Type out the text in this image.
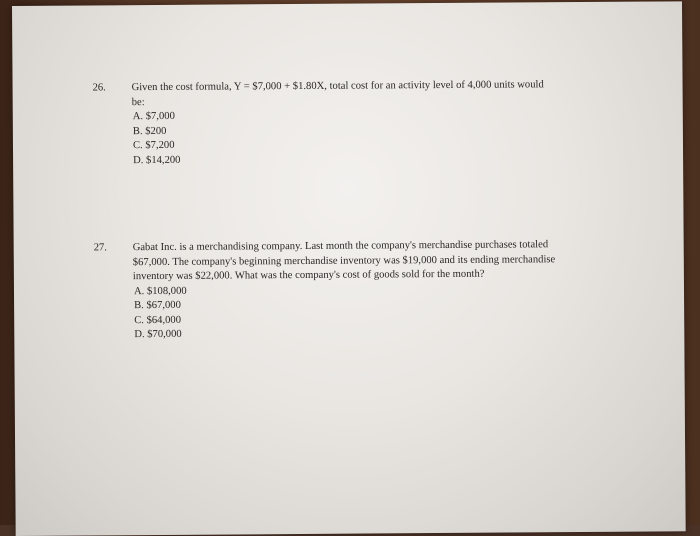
26.	Given the cost formula, Y = $7,000 + $1.80X, total cost for an activity level of 4,000 units would
be:
A. $7,000
B. $200
C. $7,200
D. $14,200
27.	Gabat Inc. is a merchandising company. Last month the company's merchandise purchases totaled
$67,000. The company's beginning merchandise inventory was $19,000 and its ending merchandise
inventory was $22,000. What was the company's cost of goods sold for the month?
A. $108,000
B. $67,000
C. $64,000
D. $70,000
